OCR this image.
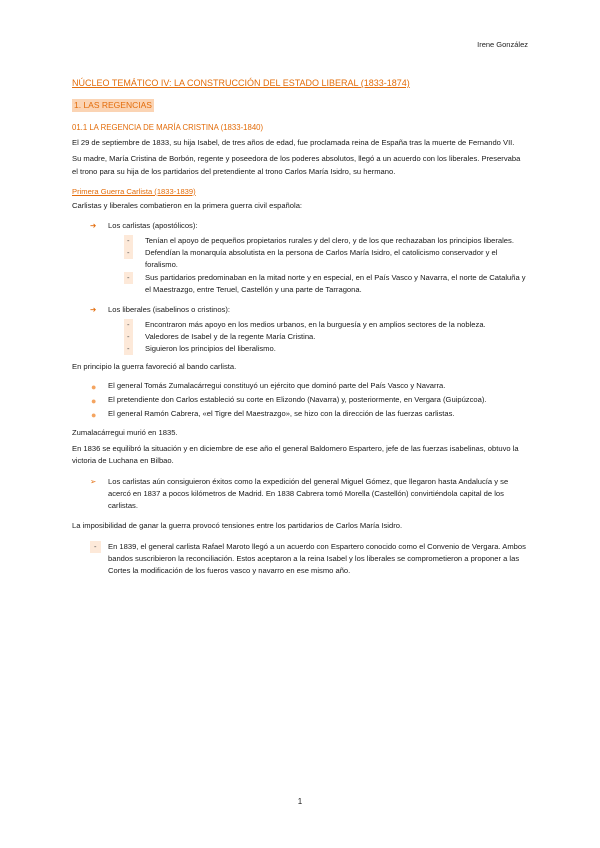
Irene González
NÚCLEO TEMÁTICO IV: LA CONSTRUCCIÓN DEL ESTADO LIBERAL (1833-1874)
1. LAS REGENCIAS
01.1 LA REGENCIA DE MARÍA CRISTINA (1833-1840)

El 29 de septiembre de 1833, su hija Isabel, de tres años de edad, fue proclamada reina de España tras la muerte de Fernando VII.

Su madre, María Cristina de Borbón, regente y poseedora de los poderes absolutos, llegó a un acuerdo con los liberales. Preservaba el trono para su hija de los partidarios del pretendiente al trono Carlos María Isidro, su hermano.

Primera Guerra Carlista (1833-1839)

Carlistas y liberales combatieron en la primera guerra civil española:

➔ Los carlistas (apostólicos):
-	Tenían el apoyo de pequeños propietarios rurales y del clero, y de los que rechazaban los principios liberales.
-	Defendían la monarquía absolutista en la persona de Carlos María Isidro, el catolicismo conservador y el foralismo.
-	Sus partidarios predominaban en la mitad norte y en especial, en el País Vasco y Navarra, el norte de Cataluña y el Maestrazgo, entre Teruel, Castellón y una parte de Tarragona.
➔ Los liberales (isabelinos o cristinos):
-	Encontraron más apoyo en los medios urbanos, en la burguesía y en amplios sectores de la nobleza.
-	Valedores de Isabel y de la regente María Cristina.
-	Siguieron los principios del liberalismo.

En principio la guerra favoreció al bando carlista.

● El general Tomás Zumalacárregui constituyó un ejército que dominó parte del País Vasco y Navarra.
● El pretendiente don Carlos estableció su corte en Elizondo (Navarra) y, posteriormente, en Vergara (Guipúzcoa).
● El general Ramón Cabrera, «el Tigre del Maestrazgo», se hizo con la dirección de las fuerzas carlistas.

Zumalacárregui murió en 1835.

En 1836 se equilibró la situación y en diciembre de ese año el general Baldomero Espartero, jefe de las fuerzas isabelinas, obtuvo la victoria de Luchana en Bilbao.

➢ Los carlistas aún consiguieron éxitos como la expedición del general Miguel Gómez, que llegaron hasta Andalucía y se acercó en 1837 a pocos kilómetros de Madrid. En 1838 Cabrera tomó Morella (Castellón) convirtiéndola capital de los carlistas.

La imposibilidad de ganar la guerra provocó tensiones entre los partidarios de Carlos María Isidro.

-	En 1839, el general carlista Rafael Maroto llegó a un acuerdo con Espartero conocido como el Convenio de Vergara. Ambos bandos suscribieron la reconciliación. Estos aceptaron a la reina Isabel y los liberales se comprometieron a proponer a las Cortes la modificación de los fueros vasco y navarro en ese mismo año.
1
